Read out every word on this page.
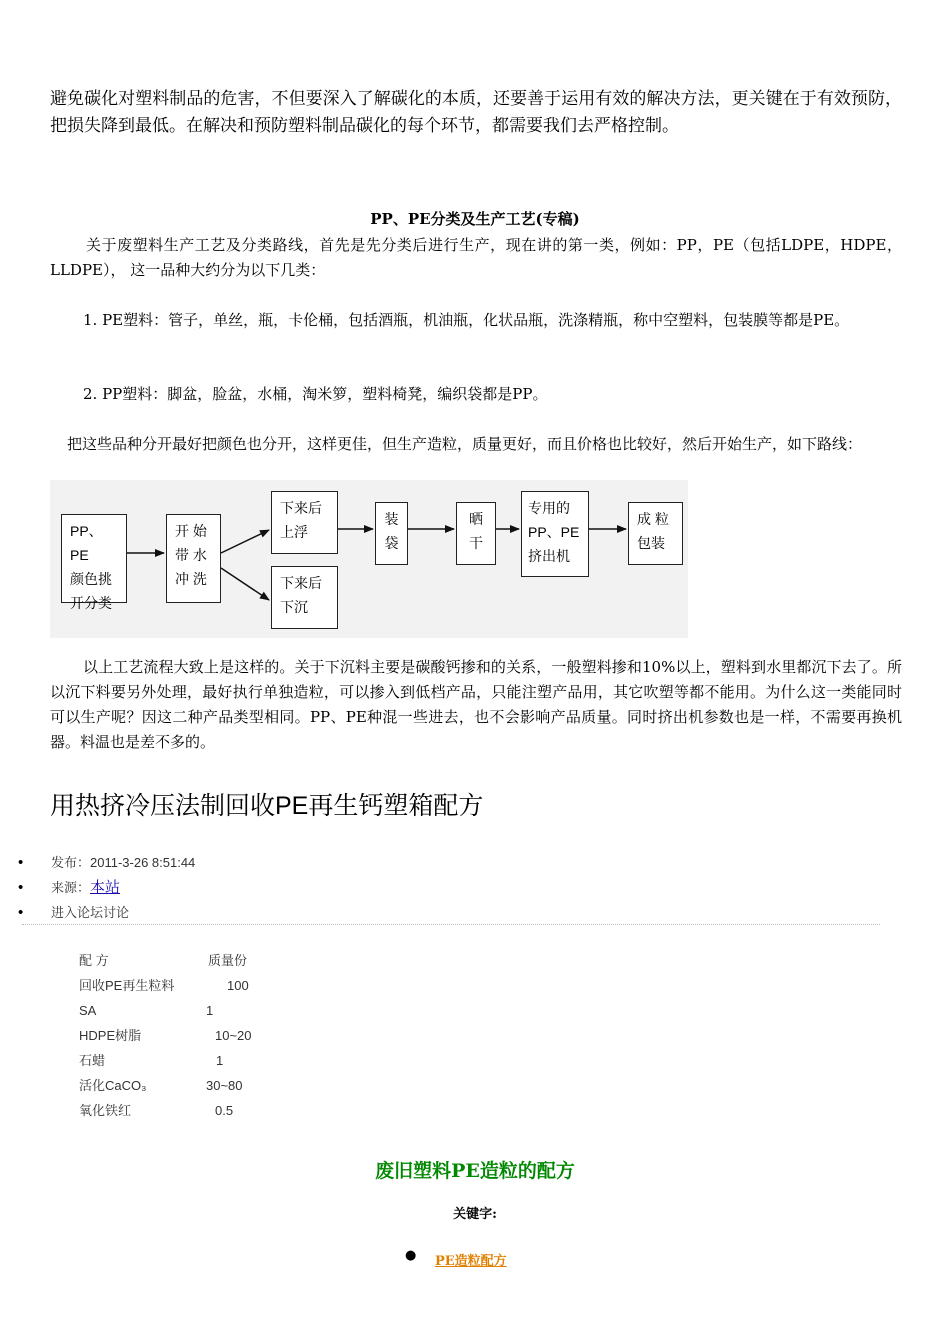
避免碳化对塑料制品的危害，不但要深入了解碳化的本质，还要善于运用有效的解决方法，更关键在于有效预防，把损失降到最低。在解决和预防塑料制品碳化的每个环节，都需要我们去严格控制。
PP、PE分类及生产工艺(专稿)
关于废塑料生产工艺及分类路线，首先是先分类后进行生产，现在讲的第一类，例如：PP，PE（包括LDPE，HDPE，LLDPE）， 这一品种大约分为以下几类：
1. PE塑料：管子，单丝，瓶，卡伦桶，包括酒瓶，机油瓶，化状品瓶，洗涤精瓶，称中空塑料，包装膜等都是PE。
2. PP塑料：脚盆，脸盆，水桶，淘米箩，塑料椅凳，编织袋都是PP。
把这些品种分开最好把颜色也分开，这样更佳，但生产造粒，质量更好，而且价格也比较好，然后开始生产，如下路线：
PP、PE
颜色挑
开分类
开 始
带 水
冲 洗
下来后
上浮
下来后
下沉
装
袋
晒
干
专用的
PP、PE
挤出机
成 粒
包装
以上工艺流程大致上是这样的。关于下沉料主要是碳酸钙掺和的关系，一般塑料掺和10%以上，塑料到水里都沉下去了。所以沉下料要另外处理，最好执行单独造粒，可以掺入到低档产品，只能注塑产品用，其它吹塑等都不能用。为什么这一类能同时可以生产呢？因这二种产品类型相同。PP、PE种混一些进去，也不会影响产品质量。同时挤出机参数也是一样，不需要再换机器。料温也是差不多的。
用热挤冷压法制回收PE再生钙塑箱配方
• 发布：2011-3-26 8:51:44
• 来源：本站
• 进入论坛讨论
配 方	质量份
回收PE再生粒料	100
SA	1
HDPE树脂	10~20
石蜡	1
活化CaCO₃	30~80
氧化铁红	0.5
废旧塑料PE造粒的配方
关键字:
● PE造粒配方
